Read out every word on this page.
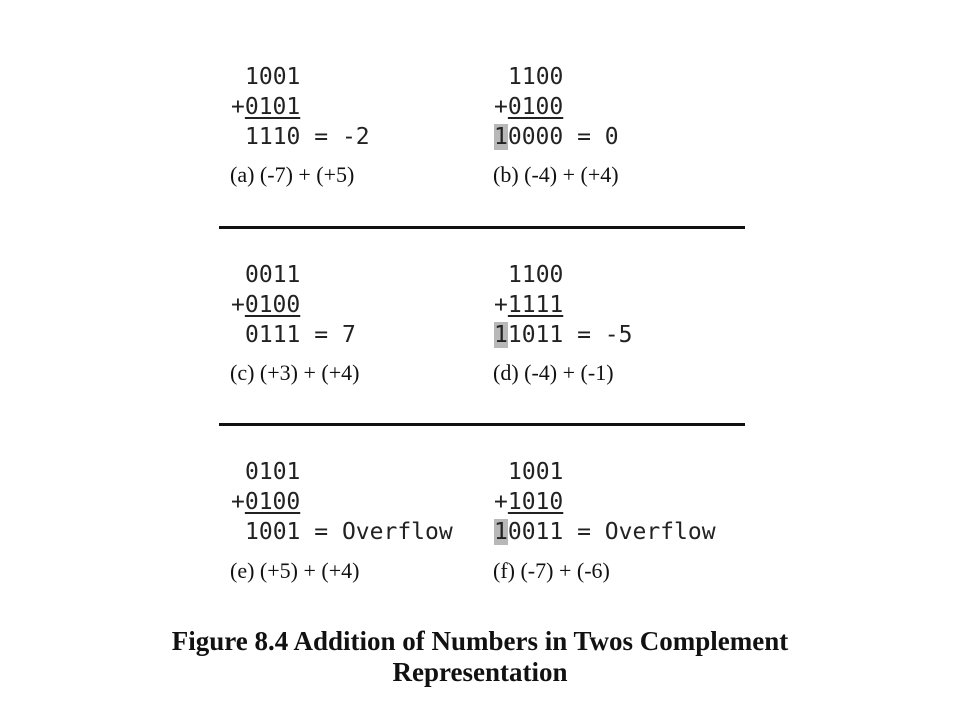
1001
+0101
1110 = -2
(a) (-7) + (+5)
1100
+0100
10000 = 0
(b) (-4) + (+4)
0011
+0100
0111 = 7
(c) (+3) + (+4)
1100
+1111
11011 = -5
(d) (-4) + (-1)
0101
+0100
1001 = Overflow
(e) (+5) + (+4)
1001
+1010
10011 = Overflow
(f) (-7) + (-6)
Figure 8.4 Addition of Numbers in Twos Complement
Representation
